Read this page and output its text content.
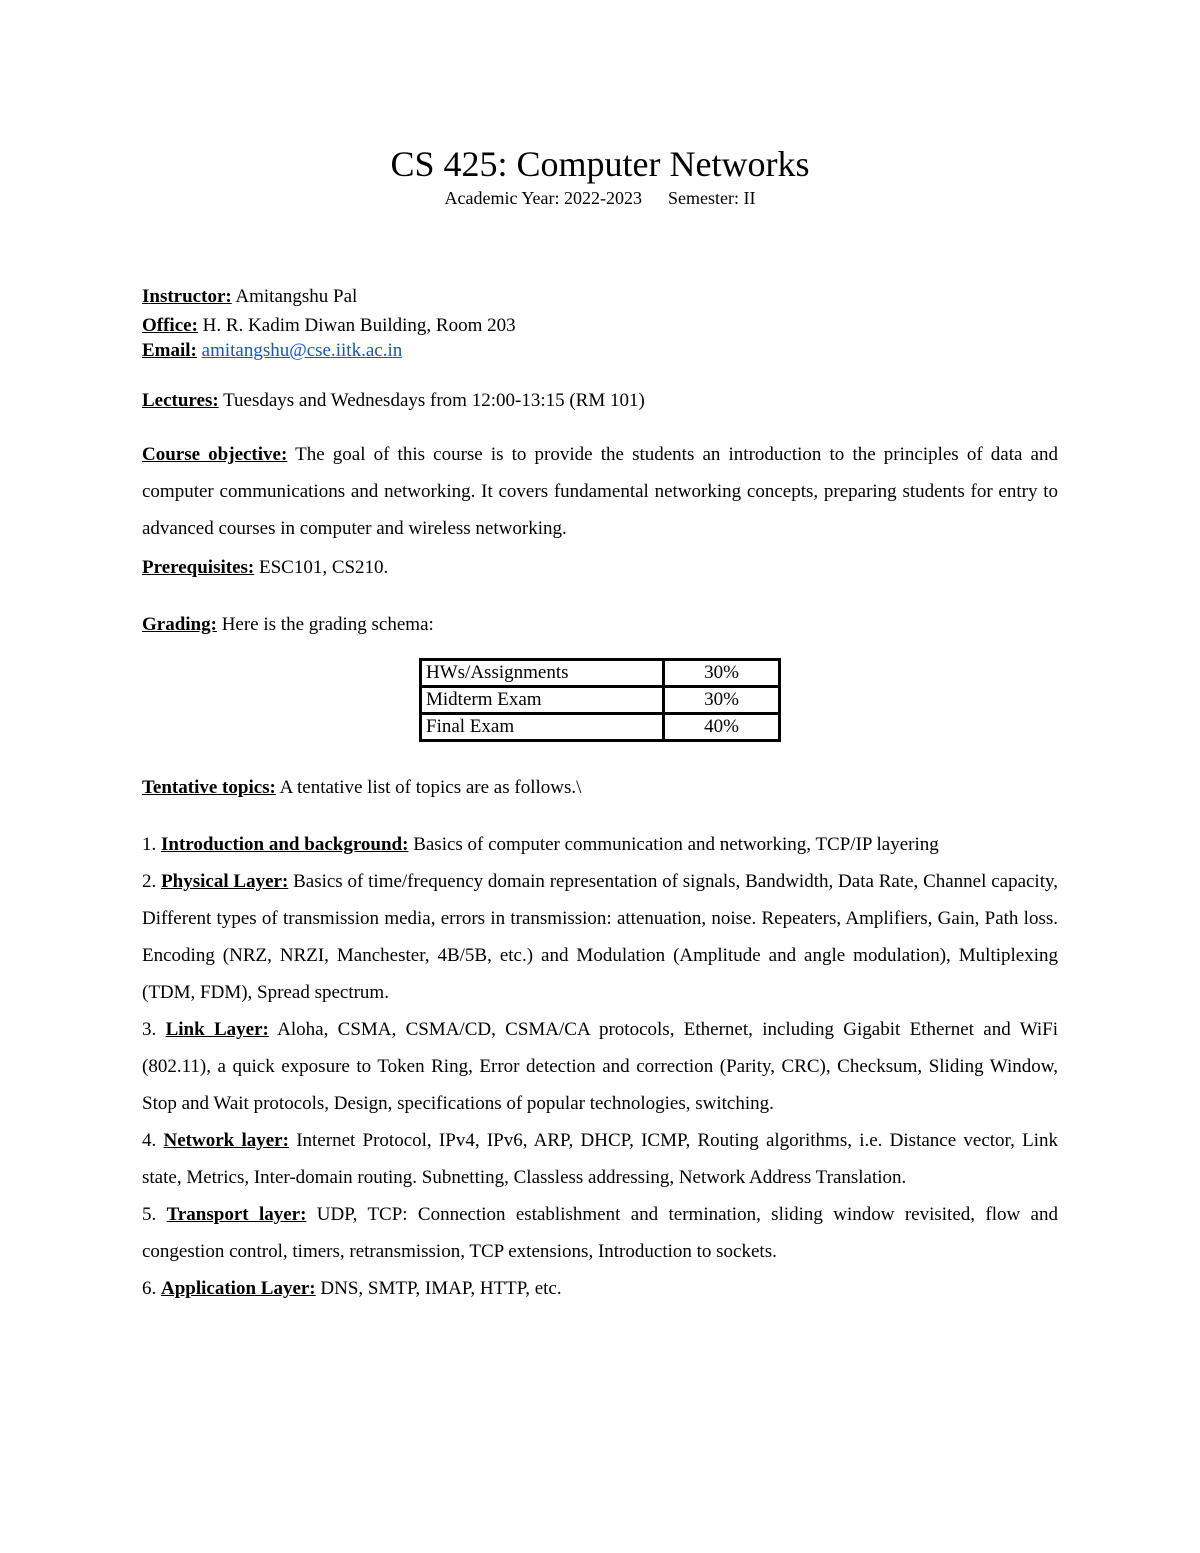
CS 425: Computer Networks
Academic Year: 2022-2023 Semester: II
Instructor: Amitangshu Pal
Office: H. R. Kadim Diwan Building, Room 203
Email: amitangshu@cse.iitk.ac.in
Lectures: Tuesdays and Wednesdays from 12:00-13:15 (RM 101)
Course objective: The goal of this course is to provide the students an introduction to the principles of data and computer communications and networking. It covers fundamental networking concepts, preparing students for entry to advanced courses in computer and wireless networking.
Prerequisites: ESC101, CS210.
Grading: Here is the grading schema:
HWs/Assignments	30%
Midterm Exam	30%
Final Exam	40%
Tentative topics: A tentative list of topics are as follows.\
1. Introduction and background: Basics of computer communication and networking, TCP/IP layering
2. Physical Layer: Basics of time/frequency domain representation of signals, Bandwidth, Data Rate, Channel capacity, Different types of transmission media, errors in transmission: attenuation, noise. Repeaters, Amplifiers, Gain, Path loss. Encoding (NRZ, NRZI, Manchester, 4B/5B, etc.) and Modulation (Amplitude and angle modulation), Multiplexing (TDM, FDM), Spread spectrum.
3. Link Layer: Aloha, CSMA, CSMA/CD, CSMA/CA protocols, Ethernet, including Gigabit Ethernet and WiFi (802.11), a quick exposure to Token Ring, Error detection and correction (Parity, CRC), Checksum, Sliding Window, Stop and Wait protocols, Design, specifications of popular technologies, switching.
4. Network layer: Internet Protocol, IPv4, IPv6, ARP, DHCP, ICMP, Routing algorithms, i.e. Distance vector, Link state, Metrics, Inter-domain routing. Subnetting, Classless addressing, Network Address Translation.
5. Transport layer: UDP, TCP: Connection establishment and termination, sliding window revisited, flow and congestion control, timers, retransmission, TCP extensions, Introduction to sockets.
6. Application Layer: DNS, SMTP, IMAP, HTTP, etc.
